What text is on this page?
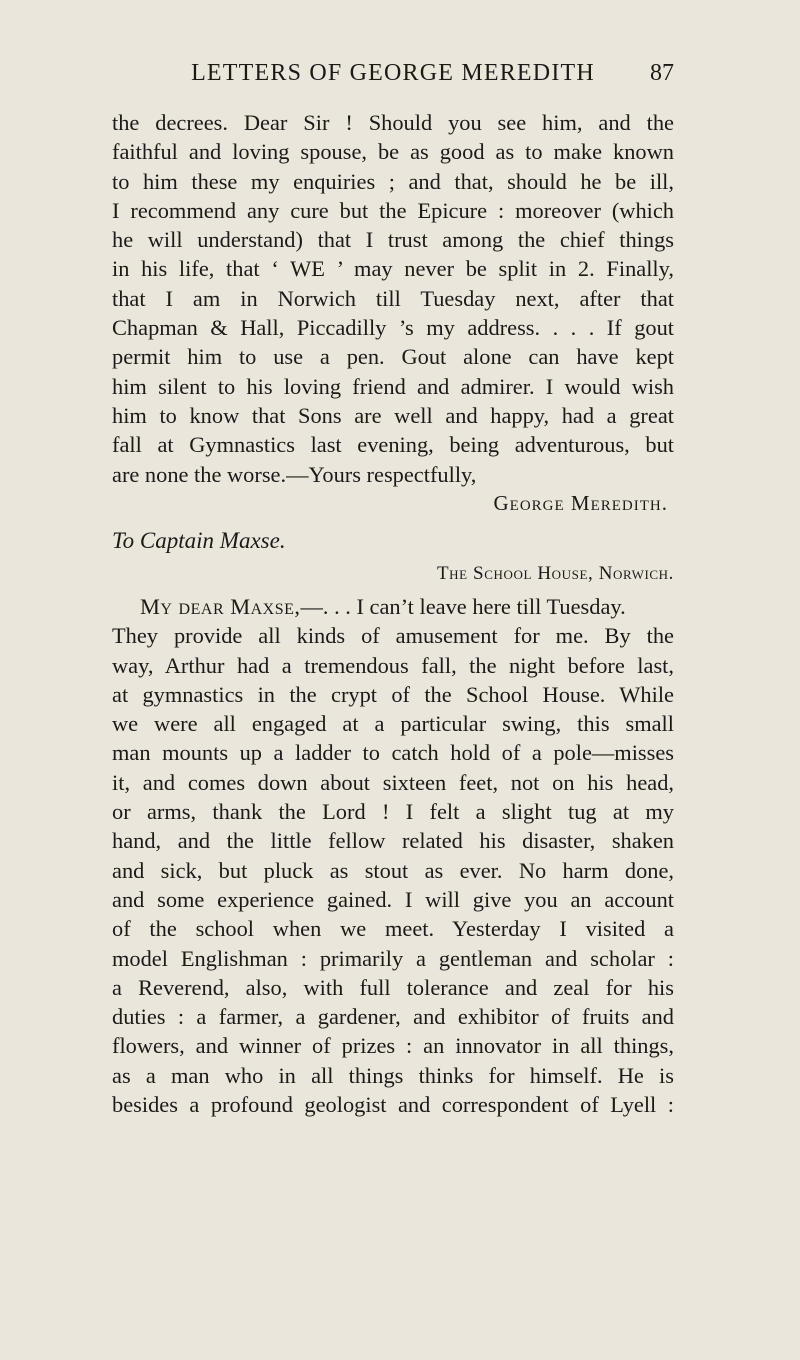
LETTERS OF GEORGE MEREDITH	87
the decrees. Dear Sir ! Should you see him, and the
faithful and loving spouse, be as good as to make known
to him these my enquiries ; and that, should he be ill,
I recommend any cure but the Epicure : moreover (which
he will understand) that I trust among the chief things
in his life, that ‘ WE ’ may never be split in 2. Finally,
that I am in Norwich till Tuesday next, after that
Chapman & Hall, Piccadilly ’s my address. . . . If gout
permit him to use a pen. Gout alone can have kept
him silent to his loving friend and admirer. I would wish
him to know that Sons are well and happy, had a great
fall at Gymnastics last evening, being adventurous, but
are none the worse.—Yours respectfully,
George Meredith.
To Captain Maxse.
The School House, Norwich.
My dear Maxse,—. . . I can’t leave here till Tuesday.
They provide all kinds of amusement for me. By the
way, Arthur had a tremendous fall, the night before last,
at gymnastics in the crypt of the School House. While
we were all engaged at a particular swing, this small
man mounts up a ladder to catch hold of a pole—misses
it, and comes down about sixteen feet, not on his head,
or arms, thank the Lord ! I felt a slight tug at my
hand, and the little fellow related his disaster, shaken
and sick, but pluck as stout as ever. No harm done,
and some experience gained. I will give you an account
of the school when we meet. Yesterday I visited a
model Englishman : primarily a gentleman and scholar :
a Reverend, also, with full tolerance and zeal for his
duties : a farmer, a gardener, and exhibitor of fruits and
flowers, and winner of prizes : an innovator in all things,
as a man who in all things thinks for himself. He is
besides a profound geologist and correspondent of Lyell :
